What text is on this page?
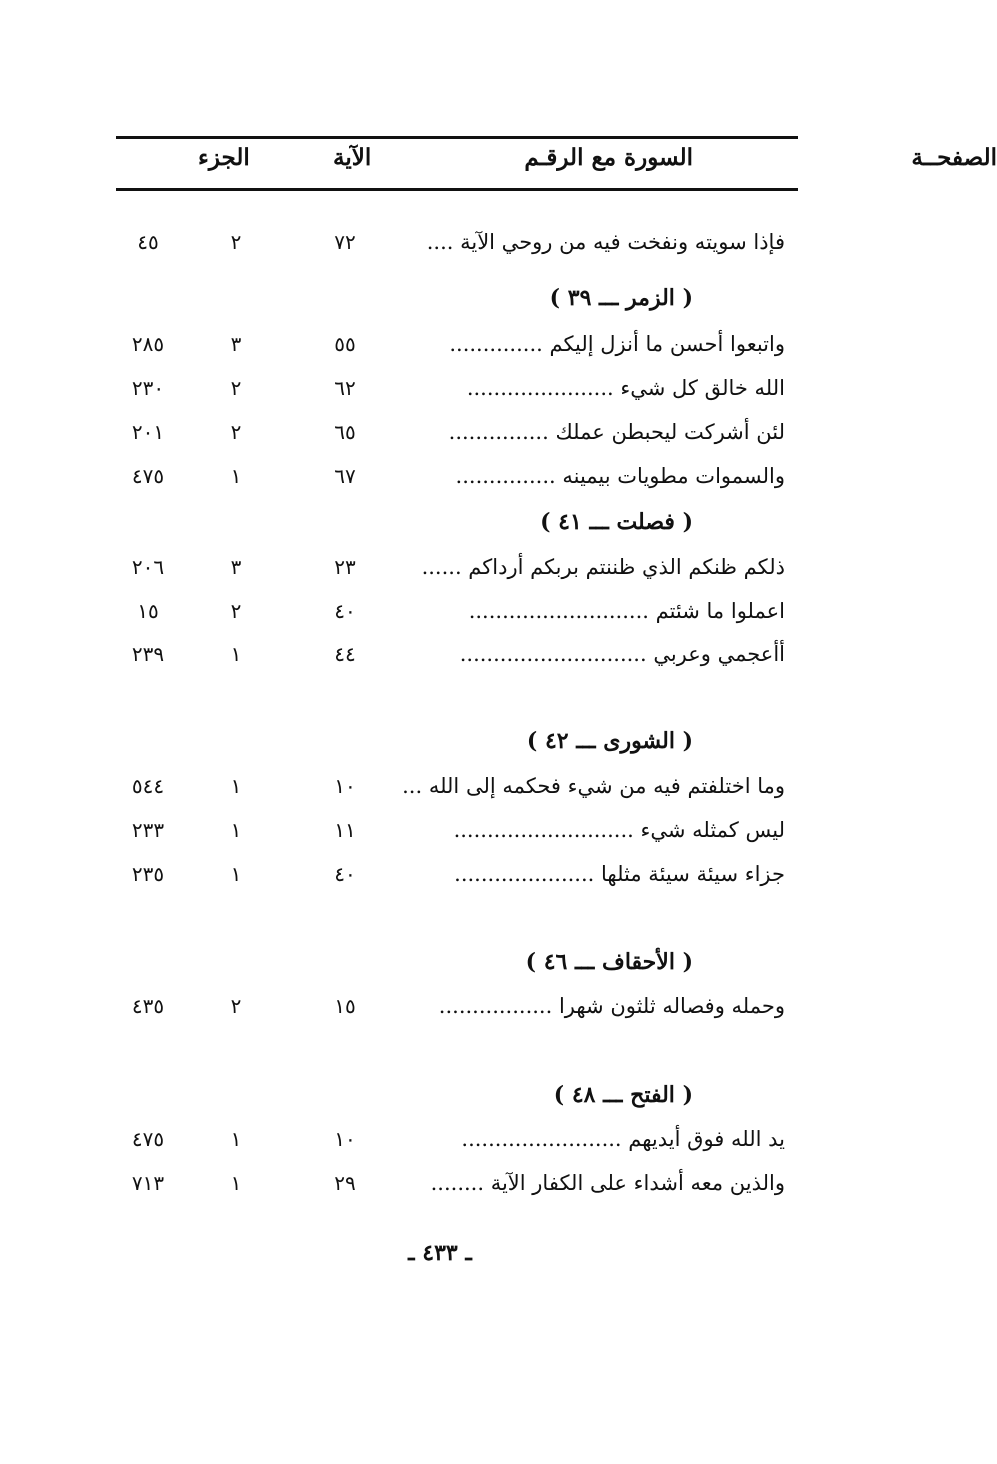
السورة مع الرقـم
الآية
الجزء	الصفحــة
فإذا سويته ونفخت فيه من روحي الآية ....
٧٢
٢
٤٥
( الزمر ـــ ٣٩ )
واتبعوا أحسن ما أنزل إليكم ..............
٥٥
٣
٢٨٥
الله خالق كل شيء ......................
٦٢
٢
٢٣٠
لئن أشركت ليحبطن عملك ...............
٦٥
٢
٢٠١
والسموات مطويات بيمينه ...............
٦٧
١
٤٧٥
( فصلت ـــ ٤١ )
ذلكم ظنكم الذي ظننتم بربكم أرداكم ......
٢٣
٣
٢٠٦
اعملوا ما شئتم ...........................
٤٠
٢
١٥
أأعجمي وعربي ............................
٤٤
١
٢٣٩
( الشورى ـــ ٤٢ )
وما اختلفتم فيه من شيء فحكمه إلى الله ...
١٠
١
٥٤٤
ليس كمثله شيء ...........................
١١
١
٢٣٣
جزاء سيئة سيئة مثلها .....................
٤٠
١
٢٣٥
( الأحقاف ـــ ٤٦ )
وحمله وفصاله ثلثون شهرا .................
١٥
٢
٤٣٥
( الفتح ـــ ٤٨ )
يد الله فوق أيديهم ........................
١٠
١
٤٧٥
والذين معه أشداء على الكفار الآية ........
٢٩
١
٧١٣
ـ ٤٣٣ ـ
